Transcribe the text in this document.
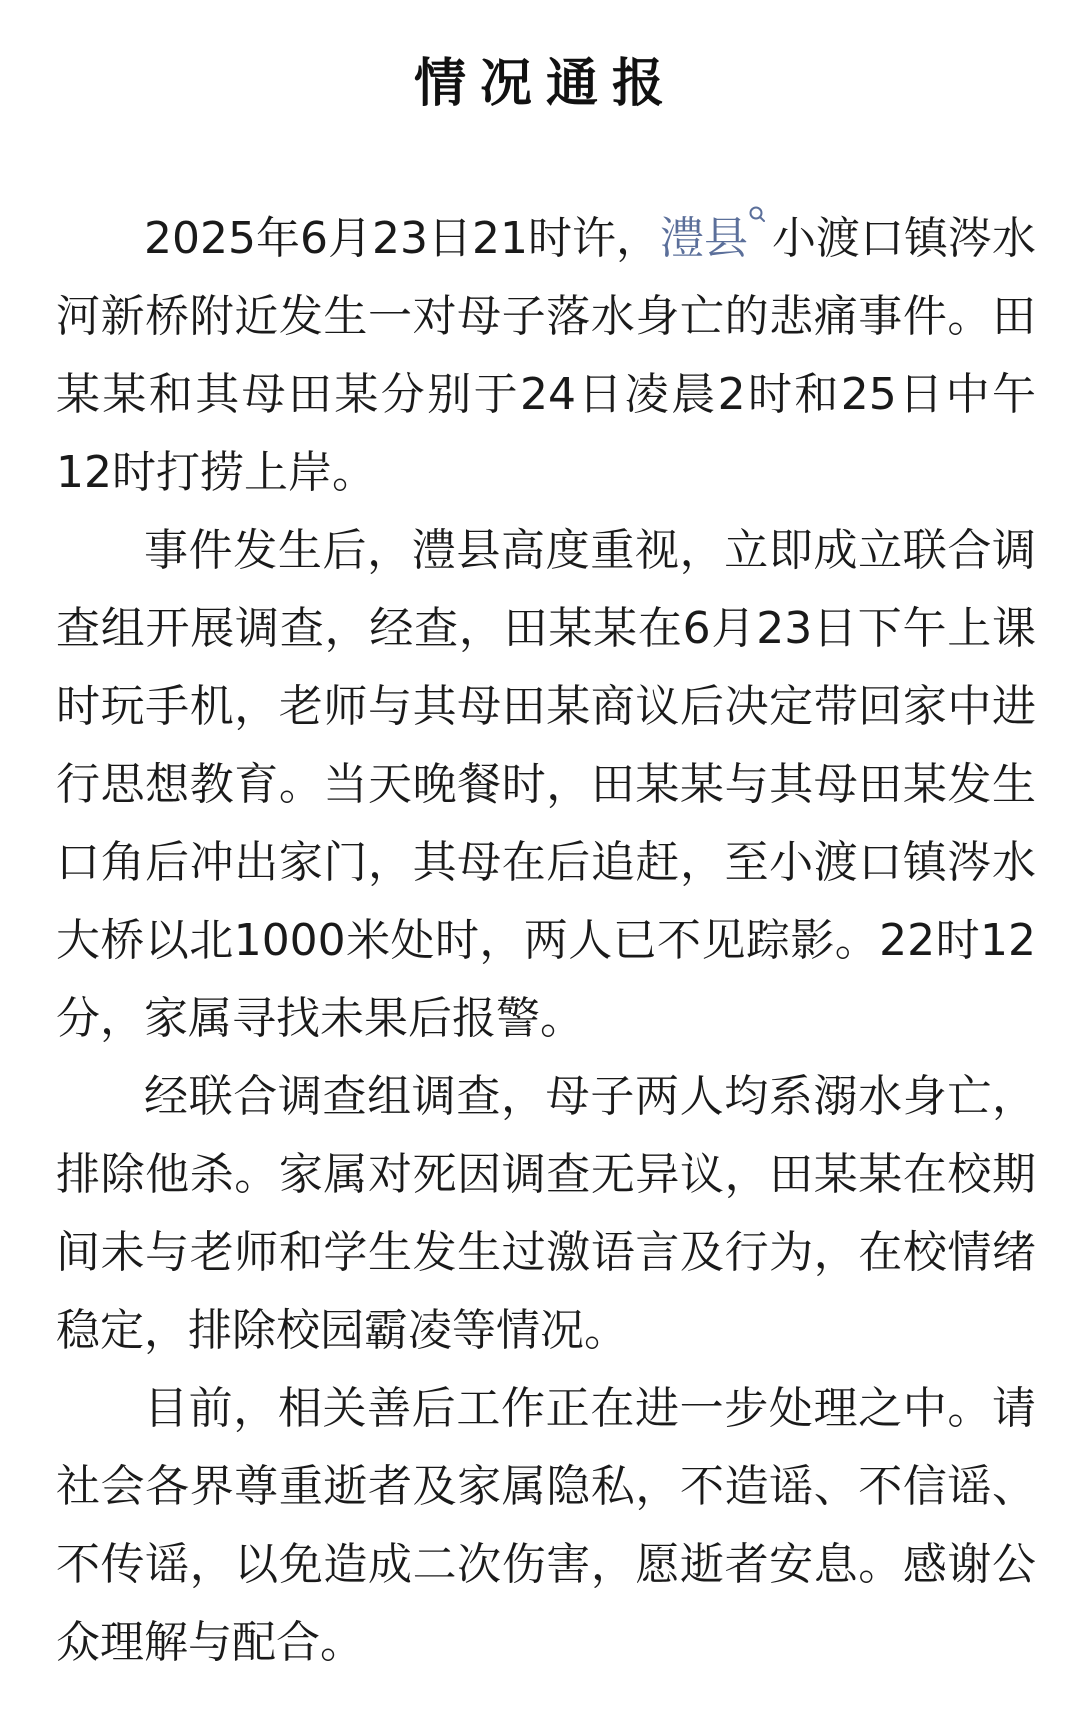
情况通报

2025年6月23日21时许，澧县 小渡口镇涔水河新桥附近发生一对母子落水身亡的悲痛事件。田某某和其母田某分别于24日凌晨2时和25日中午12时打捞上岸。

事件发生后，澧县高度重视，立即成立联合调查组开展调查，经查，田某某在6月23日下午上课时玩手机，老师与其母田某商议后决定带回家中进行思想教育。当天晚餐时，田某某与其母田某发生口角后冲出家门，其母在后追赶，至小渡口镇涔水大桥以北1000米处时，两人已不见踪影。22时12分，家属寻找未果后报警。

经联合调查组调查，母子两人均系溺水身亡，排除他杀。家属对死因调查无异议，田某某在校期间未与老师和学生发生过激语言及行为，在校情绪稳定，排除校园霸凌等情况。

目前，相关善后工作正在进一步处理之中。请社会各界尊重逝者及家属隐私，不造谣、不信谣、不传谣，以免造成二次伤害，愿逝者安息。感谢公众理解与配合。
